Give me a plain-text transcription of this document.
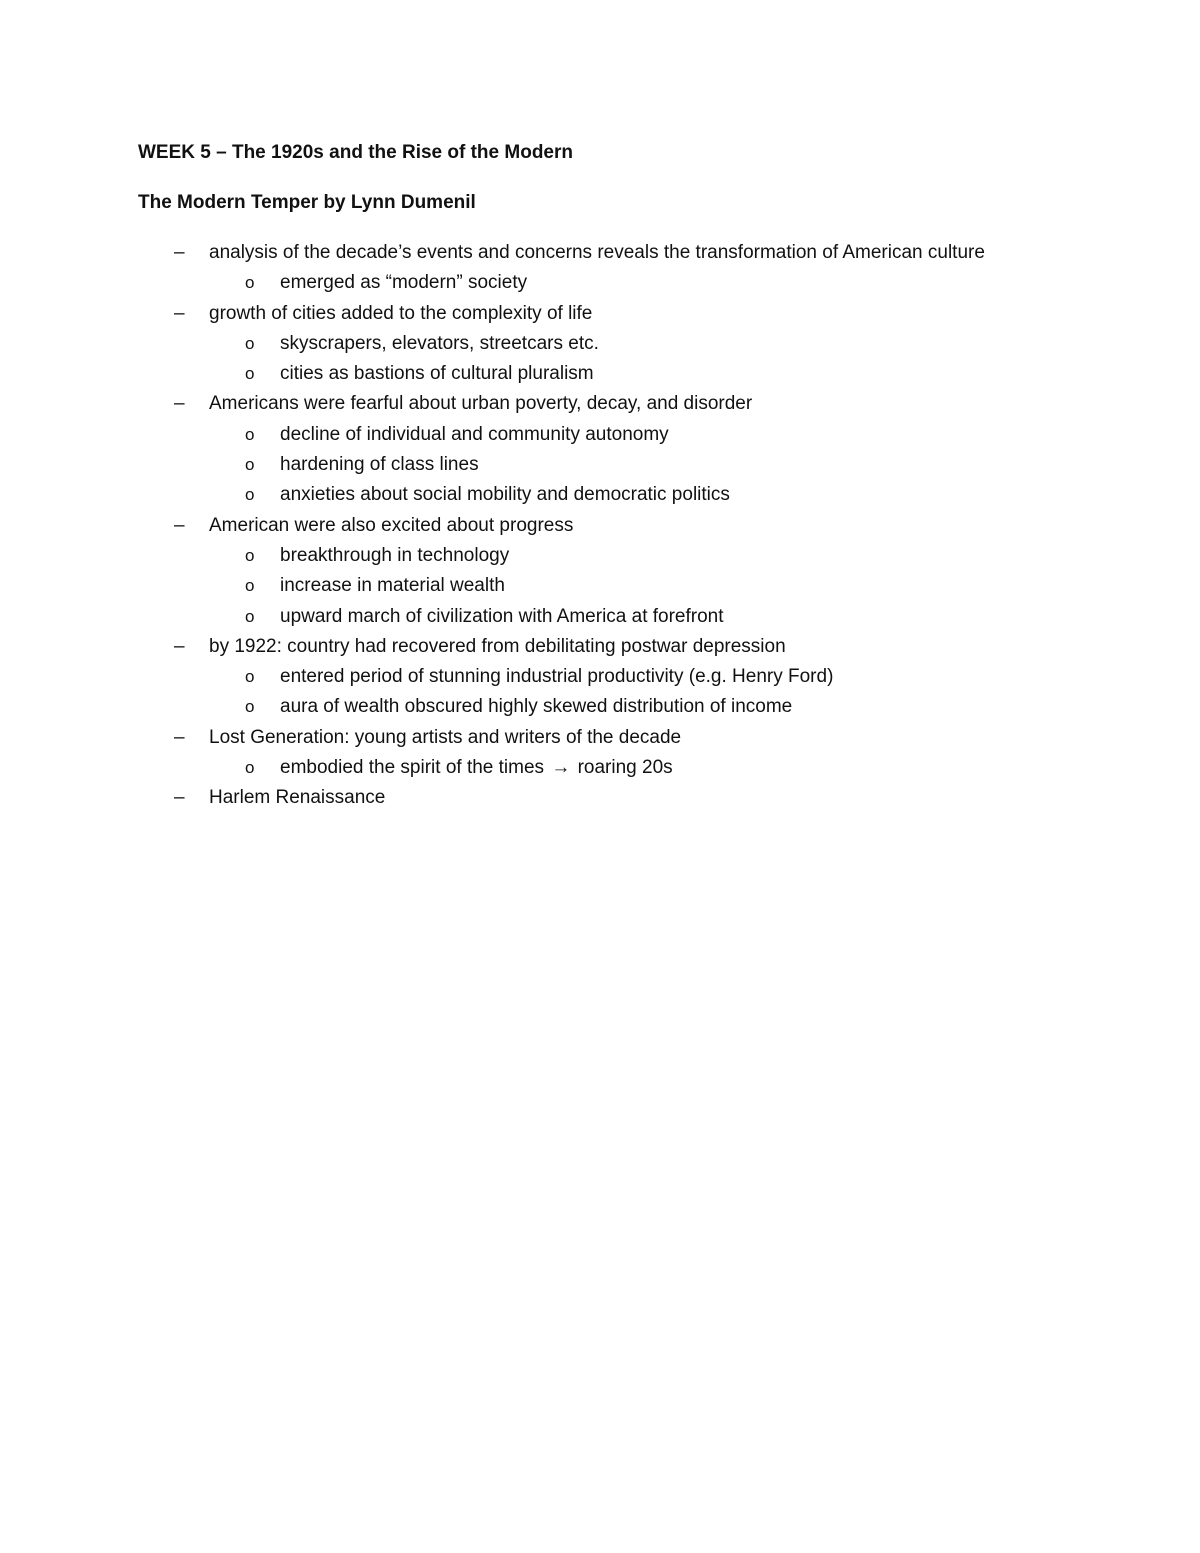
WEEK 5 – The 1920s and the Rise of the Modern
The Modern Temper by Lynn Dumenil
– analysis of the decade’s events and concerns reveals the transformation of American culture
o emerged as “modern” society
– growth of cities added to the complexity of life
o skyscrapers, elevators, streetcars etc.
o cities as bastions of cultural pluralism
– Americans were fearful about urban poverty, decay, and disorder
o decline of individual and community autonomy
o hardening of class lines
o anxieties about social mobility and democratic politics
– American were also excited about progress
o breakthrough in technology
o increase in material wealth
o upward march of civilization with America at forefront
– by 1922: country had recovered from debilitating postwar depression
o entered period of stunning industrial productivity (e.g. Henry Ford)
o aura of wealth obscured highly skewed distribution of income
– Lost Generation: young artists and writers of the decade
o embodied the spirit of the times → roaring 20s
– Harlem Renaissance
